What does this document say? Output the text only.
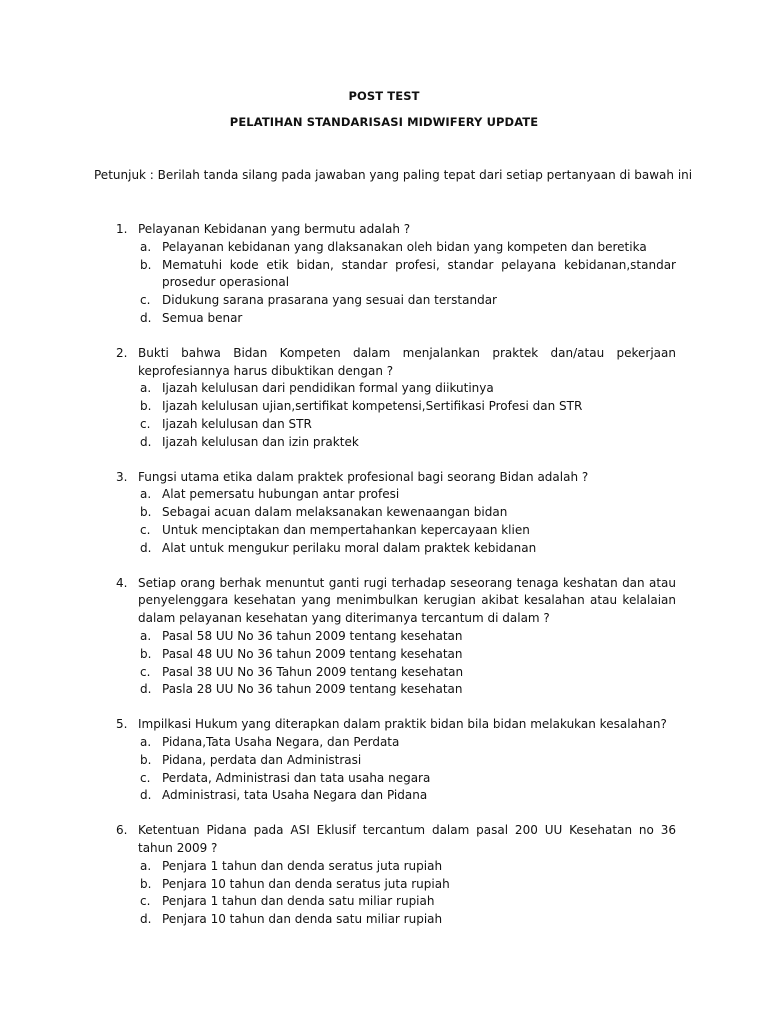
POST TEST
PELATIHAN STANDARISASI MIDWIFERY UPDATE
Petunjuk : Berilah tanda silang pada jawaban yang paling tepat dari setiap pertanyaan di bawah ini
1. Pelayanan Kebidanan yang bermutu adalah ?
a. Pelayanan kebidanan yang dlaksanakan oleh bidan yang kompeten dan beretika
b. Mematuhi kode etik bidan, standar profesi, standar pelayana kebidanan,standar prosedur operasional
c. Didukung sarana prasarana yang sesuai dan terstandar
d. Semua benar
2. Bukti bahwa Bidan Kompeten dalam menjalankan praktek dan/atau pekerjaan keprofesiannya harus dibuktikan dengan ?
a. Ijazah kelulusan dari pendidikan formal yang diikutinya
b. Ijazah kelulusan ujian,sertifikat kompetensi,Sertifikasi Profesi dan STR
c. Ijazah kelulusan dan STR
d. Ijazah kelulusan dan izin praktek
3. Fungsi utama etika dalam praktek profesional bagi seorang Bidan adalah ?
a. Alat pemersatu hubungan antar profesi
b. Sebagai acuan dalam melaksanakan kewenaangan bidan
c. Untuk menciptakan dan mempertahankan kepercayaan klien
d. Alat untuk mengukur perilaku moral dalam praktek kebidanan
4. Setiap orang berhak menuntut ganti rugi terhadap seseorang tenaga keshatan dan atau penyelenggara kesehatan yang menimbulkan kerugian akibat kesalahan atau kelalaian dalam pelayanan kesehatan yang diterimanya tercantum di dalam ?
a. Pasal 58 UU No 36 tahun 2009 tentang kesehatan
b. Pasal 48 UU No 36 tahun 2009 tentang kesehatan
c. Pasal 38 UU No 36 Tahun 2009 tentang kesehatan
d. Pasla 28 UU No 36 tahun 2009 tentang kesehatan
5. Impilkasi Hukum yang diterapkan dalam praktik bidan bila bidan melakukan kesalahan?
a. Pidana,Tata Usaha Negara, dan Perdata
b. Pidana, perdata dan Administrasi
c. Perdata, Administrasi dan tata usaha negara
d. Administrasi, tata Usaha Negara dan Pidana
6. Ketentuan Pidana pada ASI Eklusif tercantum dalam pasal 200 UU Kesehatan no 36 tahun 2009 ?
a. Penjara 1 tahun dan denda seratus juta rupiah
b. Penjara 10 tahun dan denda seratus juta rupiah
c. Penjara 1 tahun dan denda satu miliar rupiah
d. Penjara 10 tahun dan denda satu miliar rupiah
